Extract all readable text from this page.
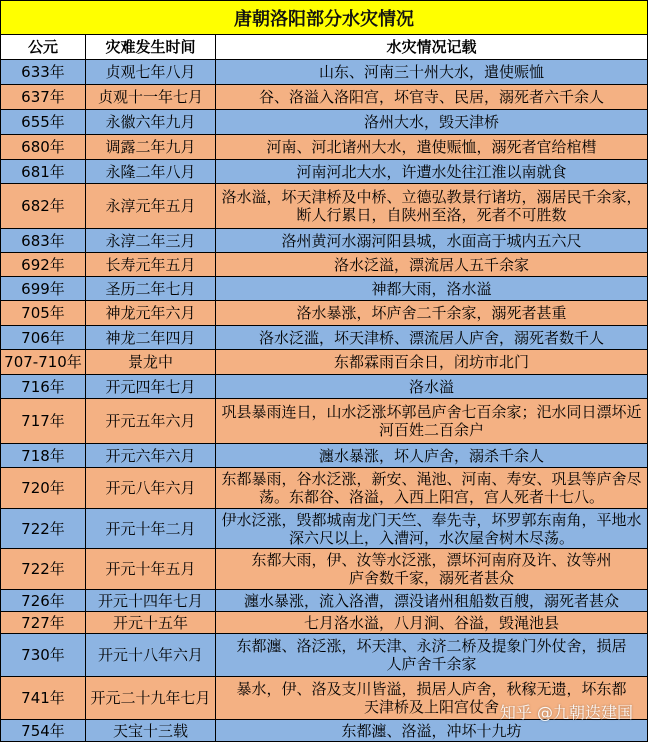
唐朝洛阳部分水灾情况
公元	灾难发生时间	水灾情况记载
633年	贞观七年八月	山东、河南三十州大水，遣使赈恤
637年	贞观十一年七月	谷、洛溢入洛阳宫，坏官寺、民居，溺死者六千余人
655年	永徽六年九月	洛州大水，毁天津桥
680年	调露二年九月	河南、河北诸州大水，遣使赈恤，溺死者官给棺槥
681年	永隆二年八月	河南河北大水，许遭水处往江淮以南就食
682年	永淳元年五月	洛水溢，坏天津桥及中桥、立德弘教景行诸坊，溺居民千余家，
断人行累日，自陕州至洛，死者不可胜数
683年	永淳二年三月	洛州黄河水溺河阳县城，水面高于城内五六尺
692年	长寿元年五月	洛水泛溢，漂流居人五千余家
699年	圣历二年七月	神都大雨，洛水溢
705年	神龙元年六月	洛水暴涨，坏庐舍二千余家，溺死者甚重
706年	神龙二年四月	洛水泛滥，坏天津桥、漂流居人庐舍，溺死者数千人
707-710年	景龙中	东都霖雨百余日，闭坊市北门
716年	开元四年七月	洛水溢
717年	开元五年六月	巩县暴雨连日，山水泛涨坏郭邑庐舍七百余家；汜水同日漂坏近
河百姓二百余户
718年	开元六年六月	瀍水暴涨，坏人庐舍，溺杀千余人
720年	开元八年六月	东都暴雨，谷水泛涨，新安、渑池、河南、寿安、巩县等庐舍尽
荡。东都谷、洛溢，入西上阳宫，宫人死者十七八。
722年	开元十年二月	伊水泛涨，毁都城南龙门天竺、奉先寺，坏罗郭东南角，平地水
深六尺以上，入漕河，水次屋舍树木尽荡。
722年	开元十年五月	东都大雨，伊、汝等水泛涨，漂坏河南府及许、汝等州
庐舍数千家，溺死者甚众
726年	开元十四年七月	瀍水暴涨，流入洛漕，漂没诸州租船数百艘，溺死者甚众
727年	开元十五年	七月洛水溢，八月涧、谷溢，毁渑池县
730年	开元十八年六月	东都瀍、洛泛涨，坏天津、永济二桥及提象门外仗舍，损居
人庐舍千余家
741年	开元二十九年七月	暴水，伊、洛及支川皆溢，损居人庐舍，秋稼无遗，坏东都
天津桥及上阳宫仗舍
754年	天宝十三载	东都瀍、洛溢，冲坏十九坊
知乎 @九朝迭建国
